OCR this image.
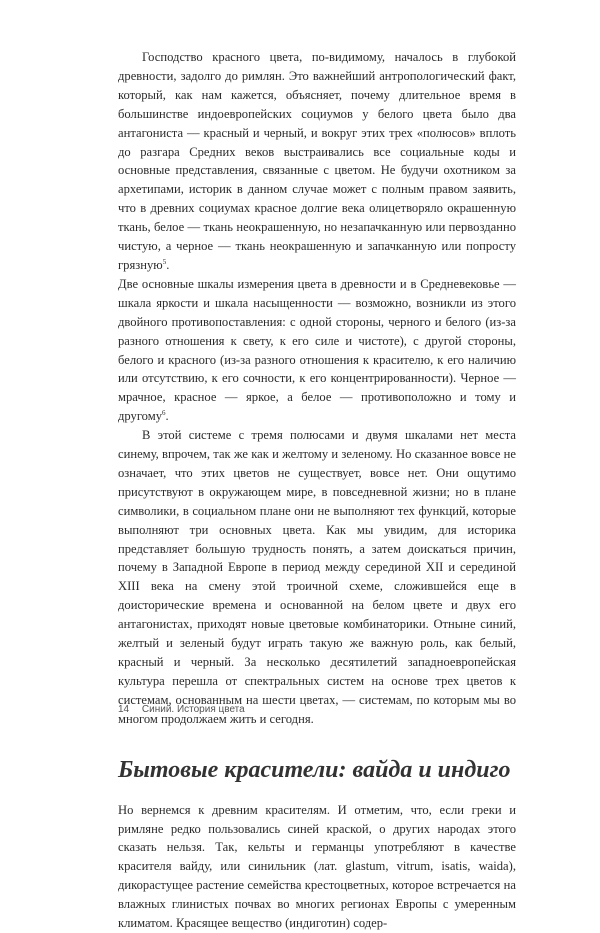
Господство красного цвета, по-видимому, началось в глубокой древности, задолго до римлян. Это важнейший антропологический факт, который, как нам кажется, объясняет, почему длительное время в большинстве индоевропейских социумов у белого цвета было два антагониста — красный и черный, и вокруг этих трех «полюсов» вплоть до разгара Средних веков выстраивались все социальные коды и основные представления, связанные с цветом. Не будучи охотником за архетипами, историк в данном случае может с полным правом заявить, что в древних социумах красное долгие века олицетворяло окрашенную ткань, белое — ткань неокрашенную, но незапачканную или первозданно чистую, а черное — ткань неокрашенную и запачканную или попросту грязную$^5$.

Две основные шкалы измерения цвета в древности и в Средневековье — шкала яркости и шкала насыщенности — возможно, возникли из этого двойного противопоставления: с одной стороны, черного и белого (из-за разного отношения к свету, к его силе и чистоте), с другой стороны, белого и красного (из-за разного отношения к красителю, к его наличию или отсутствию, к его сочности, к его концентрированности). Черное — мрачное, красное — яркое, а белое — противоположно и тому и другому$^6$.

В этой системе с тремя полюсами и двумя шкалами нет места синему, впрочем, так же как и желтому и зеленому. Но сказанное вовсе не означает, что этих цветов не существует, вовсе нет. Они ощутимо присутствуют в окружающем мире, в повседневной жизни; но в плане символики, в социальном плане они не выполняют тех функций, которые выполняют три основных цвета. Как мы увидим, для историка представляет большую трудность понять, а затем доискаться причин, почему в Западной Европе в период между серединой XII и серединой XIII века на смену этой троичной схеме, сложившейся еще в доисторические времена и основанной на белом цвете и двух его антагонистах, приходят новые цветовые комбинаторики. Отныне синий, желтый и зеленый будут играть такую же важную роль, как белый, красный и черный. За несколько десятилетий западноевропейская культура перешла от спектральных систем на основе трех цветов к системам, основанным на шести цветах, — системам, по которым мы во многом продолжаем жить и сегодня.

Бытовые красители: вайда и индиго

Но вернемся к древним красителям. И отметим, что, если греки и римляне редко пользовались синей краской, о других народах этого сказать нельзя. Так, кельты и германцы употребляют в качестве красителя вайду, или синильник (лат. glastum, vitrum, isatis, waida), дикорастущее растение семейства крестоцветных, которое встречается на влажных глинистых почвах во многих регионах Европы с умеренным климатом. Красящее вещество (индиготин) содер-

14 Синий. История цвета
